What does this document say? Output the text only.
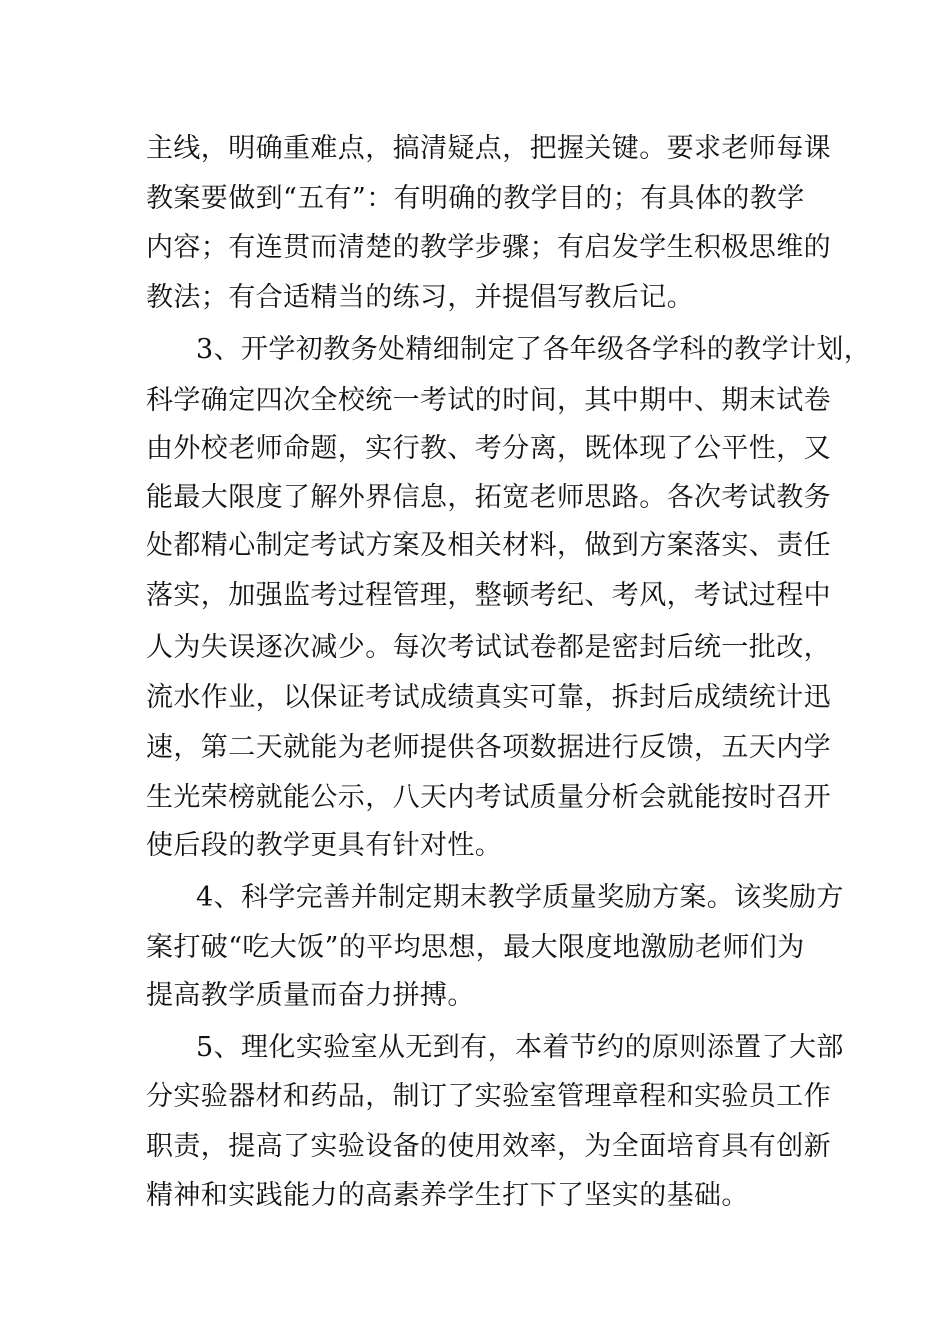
主线，明确重难点，搞清疑点，把握关键。要求老师每课
教案要做到“五有”：有明确的教学目的；有具体的教学
内容；有连贯而清楚的教学步骤；有启发学生积极思维的
教法；有合适精当的练习，并提倡写教后记。
3、开学初教务处精细制定了各年级各学科的教学计划，
科学确定四次全校统一考试的时间，其中期中、期末试卷
由外校老师命题，实行教、考分离，既体现了公平性，又
能最大限度了解外界信息，拓宽老师思路。各次考试教务
处都精心制定考试方案及相关材料，做到方案落实、责任
落实，加强监考过程管理，整顿考纪、考风，考试过程中
人为失误逐次减少。每次考试试卷都是密封后统一批改，
流水作业，以保证考试成绩真实可靠，拆封后成绩统计迅
速，第二天就能为老师提供各项数据进行反馈，五天内学
生光荣榜就能公示，八天内考试质量分析会就能按时召开
使后段的教学更具有针对性。
4、科学完善并制定期末教学质量奖励方案。该奖励方
案打破“吃大饭”的平均思想，最大限度地激励老师们为
提高教学质量而奋力拼搏。
5、理化实验室从无到有，本着节约的原则添置了大部
分实验器材和药品，制订了实验室管理章程和实验员工作
职责，提高了实验设备的使用效率，为全面培育具有创新
精神和实践能力的高素养学生打下了坚实的基础。
